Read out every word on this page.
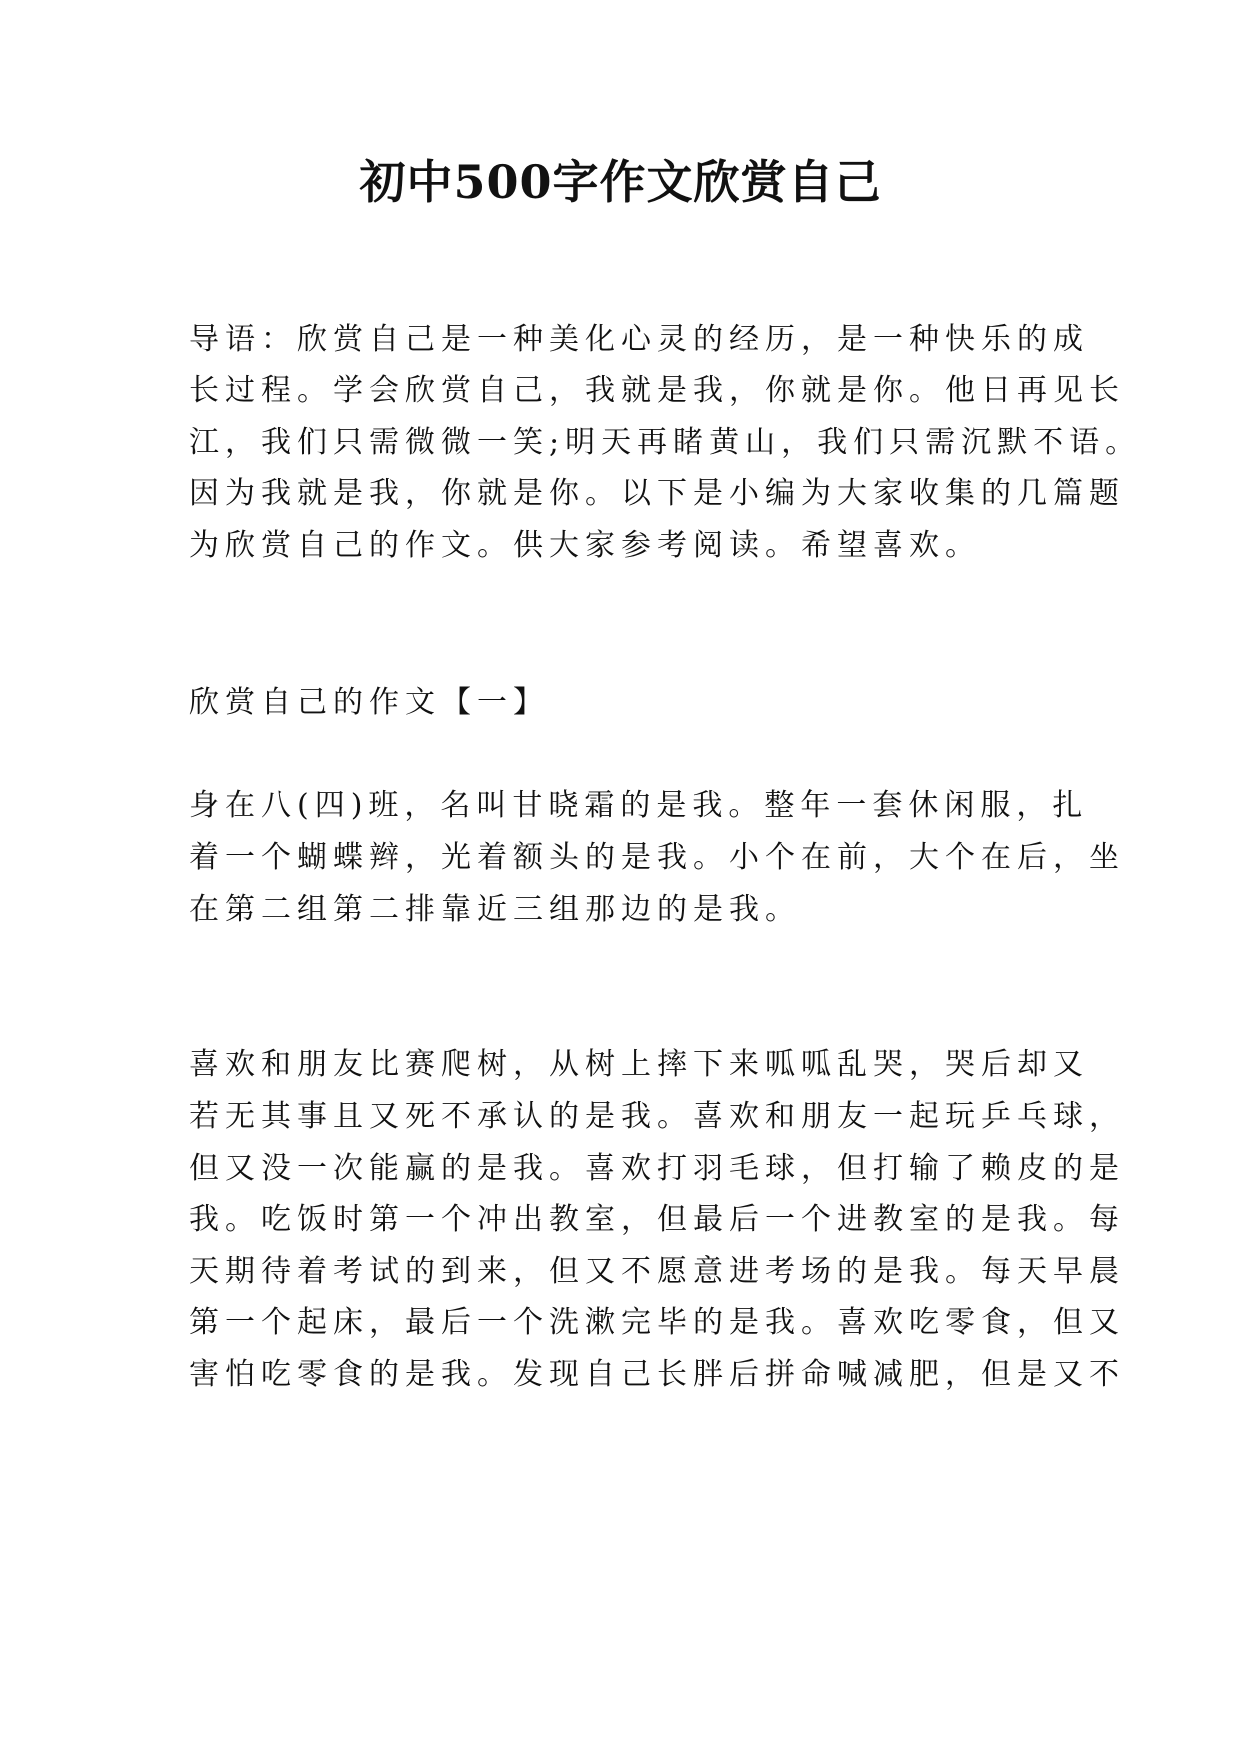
初中500字作文欣赏自己
导语：欣赏自己是一种美化心灵的经历，是一种快乐的成
长过程。学会欣赏自己，我就是我，你就是你。他日再见长
江，我们只需微微一笑;明天再睹黄山，我们只需沉默不语。
因为我就是我，你就是你。以下是小编为大家收集的几篇题
为欣赏自己的作文。供大家参考阅读。希望喜欢。
欣赏自己的作文【一】
身在八(四)班，名叫甘晓霜的是我。整年一套休闲服，扎
着一个蝴蝶辫，光着额头的是我。小个在前，大个在后，坐
在第二组第二排靠近三组那边的是我。
喜欢和朋友比赛爬树，从树上摔下来呱呱乱哭，哭后却又
若无其事且又死不承认的是我。喜欢和朋友一起玩乒乓球，
但又没一次能赢的是我。喜欢打羽毛球，但打输了赖皮的是
我。吃饭时第一个冲出教室，但最后一个进教室的是我。每
天期待着考试的到来，但又不愿意进考场的是我。每天早晨
第一个起床，最后一个洗漱完毕的是我。喜欢吃零食，但又
害怕吃零食的是我。发现自己长胖后拼命喊减肥，但是又不
